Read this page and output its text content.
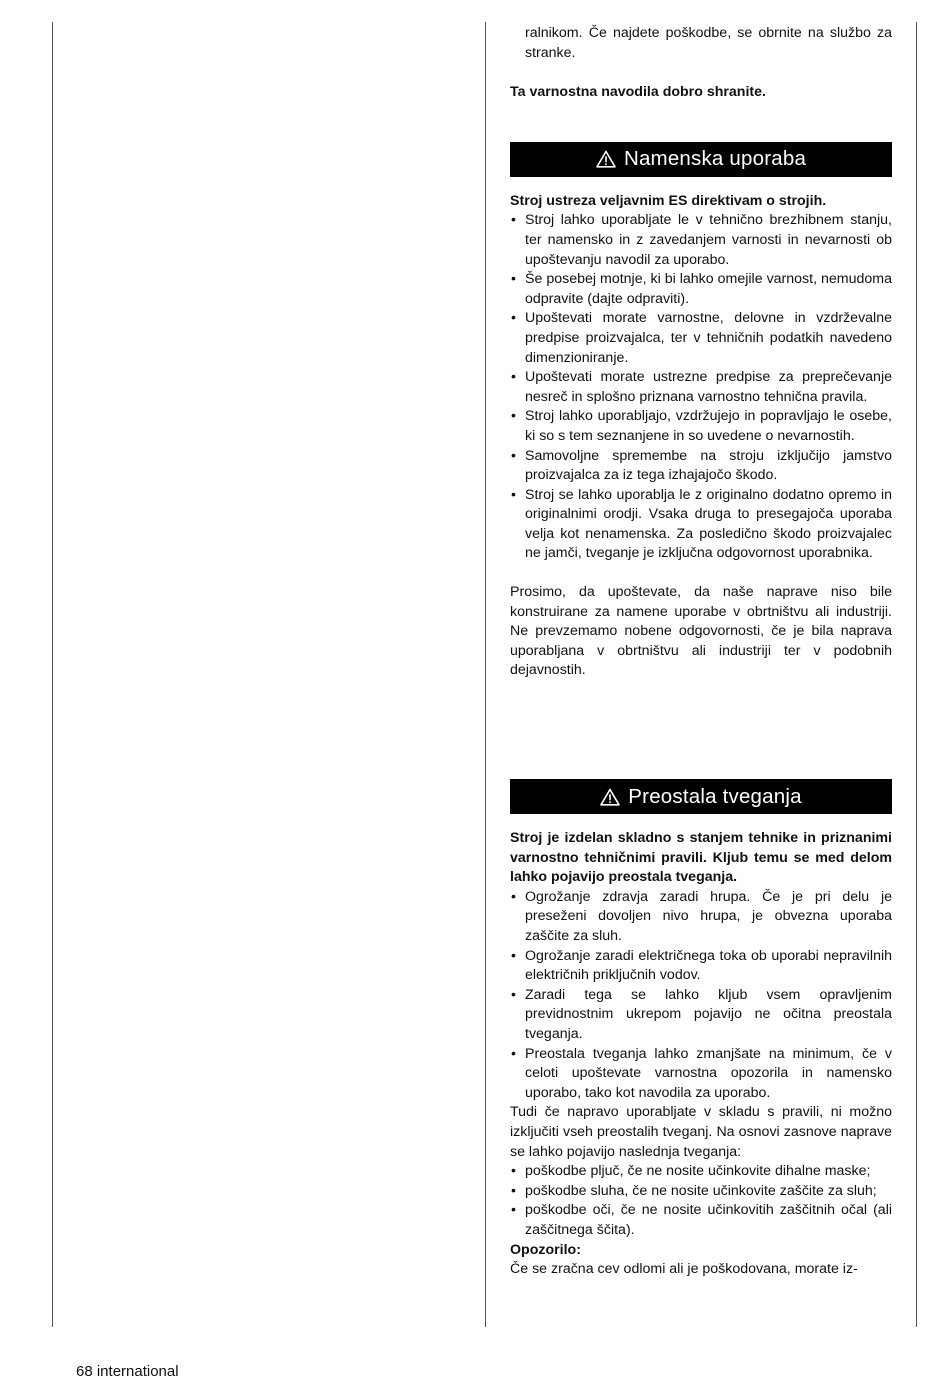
ralnikom. Če najdete poškodbe, se obrnite na službo za stranke.

Ta varnostna navodila dobro shranite.

Namenska uporaba

Stroj ustreza veljavnim ES direktivam o strojih.

• Stroj lahko uporabljate le v tehnično brezhibnem stanju, ter namensko in z zavedanjem varnosti in nevarnosti ob upoštevanju navodil za uporabo.
• Še posebej motnje, ki bi lahko omejile varnost, nemudoma odpravite (dajte odpraviti).
• Upoštevati morate varnostne, delovne in vzdrževalne predpise proizvajalca, ter v tehničnih podatkih navedeno dimenzioniranje.
• Upoštevati morate ustrezne predpise za preprečevanje nesreč in splošno priznana varnostno tehnična pravila.
• Stroj lahko uporabljajo, vzdržujejo in popravljajo le osebe, ki so s tem seznanjene in so uvedene o nevarnostih.
• Samovoljne spremembe na stroju izključijo jamstvo proizvajalca za iz tega izhajajočo škodo.
• Stroj se lahko uporablja le z originalno dodatno opremo in originalnimi orodji. Vsaka druga to presegajoča uporaba velja kot nenamenska. Za posledično škodo proizvajalec ne jamči, tveganje je izključna odgovornost uporabnika.

Prosimo, da upoštevate, da naše naprave niso bile konstruirane za namene uporabe v obrtništvu ali industriji. Ne prevzemamo nobene odgovornosti, če je bila naprava uporabljana v obrtništvu ali industriji ter v podobnih dejavnostih.

Preostala tveganja

Stroj je izdelan skladno s stanjem tehnike in priznanimi varnostno tehničnimi pravili. Kljub temu se med delom lahko pojavijo preostala tveganja.

• Ogrožanje zdravja zaradi hrupa. Če je pri delu je preseženi dovoljen nivo hrupa, je obvezna uporaba zaščite za sluh.
• Ogrožanje zaradi električnega toka ob uporabi nepravilnih električnih priključnih vodov.
• Zaradi tega se lahko kljub vsem opravljenim previdnostnim ukrepom pojavijo ne očitna preostala tveganja.
• Preostala tveganja lahko zmanjšate na minimum, če v celoti upoštevate varnostna opozorila in namensko uporabo, tako kot navodila za uporabo.

Tudi če napravo uporabljate v skladu s pravili, ni možno izključiti vseh preostalih tveganj. Na osnovi zasnove naprave se lahko pojavijo naslednja tveganja:

• poškodbe pljuč, če ne nosite učinkovite dihalne maske;
• poškodbe sluha, če ne nosite učinkovite zaščite za sluh;
• poškodbe oči, če ne nosite učinkovitih zaščitnih očal (ali zaščitnega ščita).

Opozorilo:

Če se zračna cev odlomi ali je poškodovana, morate iz-

68 international
